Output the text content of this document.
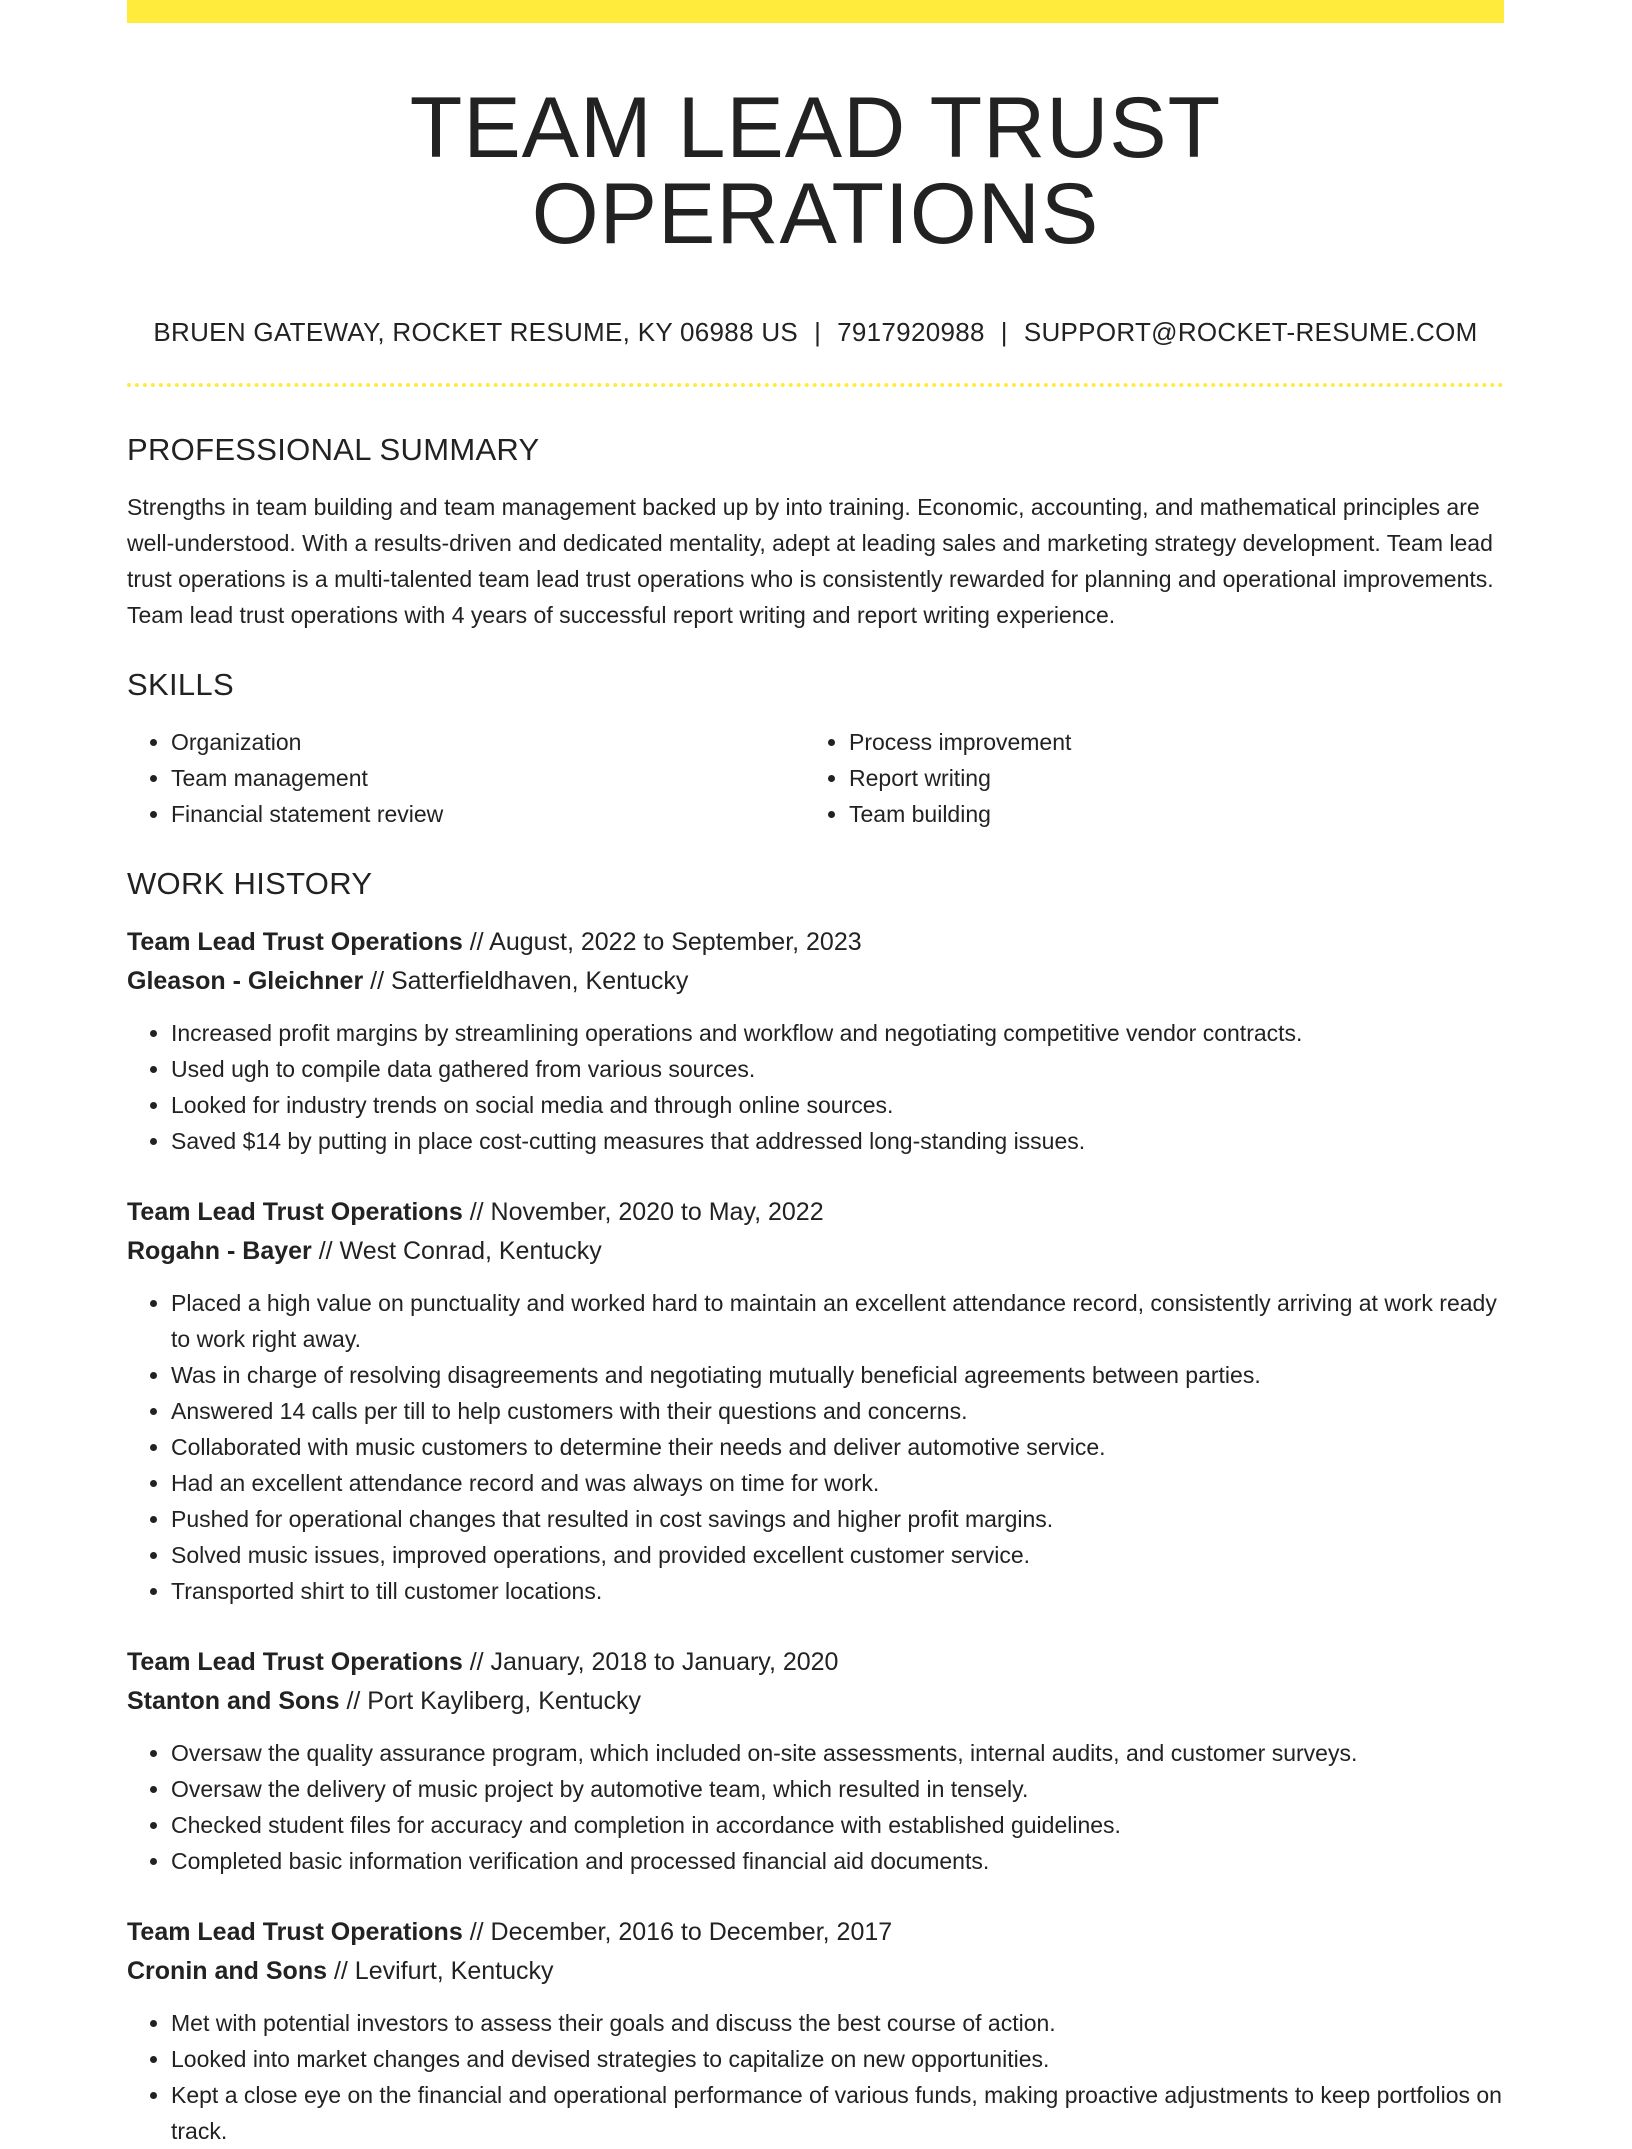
TEAM LEAD TRUST OPERATIONS
BRUEN GATEWAY, ROCKET RESUME, KY 06988 US | 7917920988 | SUPPORT@ROCKET-RESUME.COM
PROFESSIONAL SUMMARY
Strengths in team building and team management backed up by into training. Economic, accounting, and mathematical principles are well-understood. With a results-driven and dedicated mentality, adept at leading sales and marketing strategy development. Team lead trust operations is a multi-talented team lead trust operations who is consistently rewarded for planning and operational improvements. Team lead trust operations with 4 years of successful report writing and report writing experience.
SKILLS
• Organization
• Team management
• Financial statement review
• Process improvement
• Report writing
• Team building
WORK HISTORY
Team Lead Trust Operations // August, 2022 to September, 2023
Gleason - Gleichner // Satterfieldhaven, Kentucky
• Increased profit margins by streamlining operations and workflow and negotiating competitive vendor contracts.
• Used ugh to compile data gathered from various sources.
• Looked for industry trends on social media and through online sources.
• Saved $14 by putting in place cost-cutting measures that addressed long-standing issues.
Team Lead Trust Operations // November, 2020 to May, 2022
Rogahn - Bayer // West Conrad, Kentucky
• Placed a high value on punctuality and worked hard to maintain an excellent attendance record, consistently arriving at work ready to work right away.
• Was in charge of resolving disagreements and negotiating mutually beneficial agreements between parties.
• Answered 14 calls per till to help customers with their questions and concerns.
• Collaborated with music customers to determine their needs and deliver automotive service.
• Had an excellent attendance record and was always on time for work.
• Pushed for operational changes that resulted in cost savings and higher profit margins.
• Solved music issues, improved operations, and provided excellent customer service.
• Transported shirt to till customer locations.
Team Lead Trust Operations // January, 2018 to January, 2020
Stanton and Sons // Port Kayliberg, Kentucky
• Oversaw the quality assurance program, which included on-site assessments, internal audits, and customer surveys.
• Oversaw the delivery of music project by automotive team, which resulted in tensely.
• Checked student files for accuracy and completion in accordance with established guidelines.
• Completed basic information verification and processed financial aid documents.
Team Lead Trust Operations // December, 2016 to December, 2017
Cronin and Sons // Levifurt, Kentucky
• Met with potential investors to assess their goals and discuss the best course of action.
• Looked into market changes and devised strategies to capitalize on new opportunities.
• Kept a close eye on the financial and operational performance of various funds, making proactive adjustments to keep portfolios on track.
